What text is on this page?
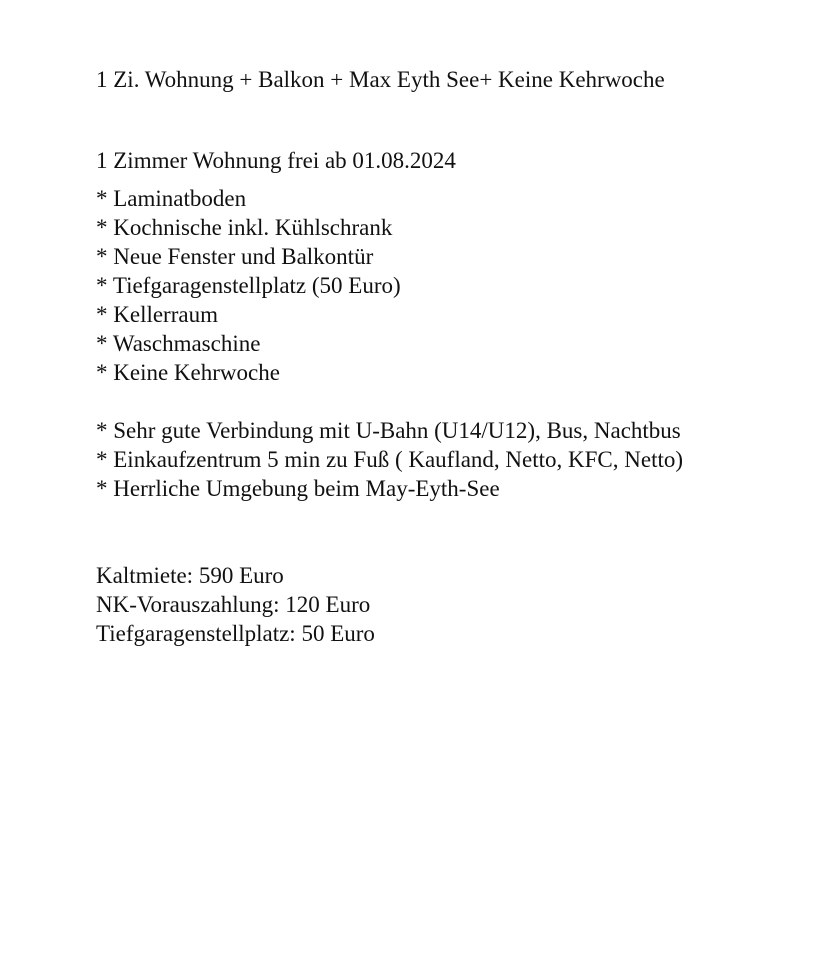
1 Zi. Wohnung + Balkon + Max Eyth See+ Keine Kehrwoche
1 Zimmer Wohnung frei ab 01.08.2024
* Laminatboden
* Kochnische inkl. Kühlschrank
* Neue Fenster und Balkontür
* Tiefgaragenstellplatz (50 Euro)
* Kellerraum
* Waschmaschine
* Keine Kehrwoche
* Sehr gute Verbindung mit U-Bahn (U14/U12), Bus, Nachtbus
* Einkaufzentrum 5 min zu Fuß ( Kaufland, Netto, KFC, Netto)
* Herrliche Umgebung beim May-Eyth-See
Kaltmiete: 590 Euro
NK-Vorauszahlung: 120 Euro
Tiefgaragenstellplatz: 50 Euro
